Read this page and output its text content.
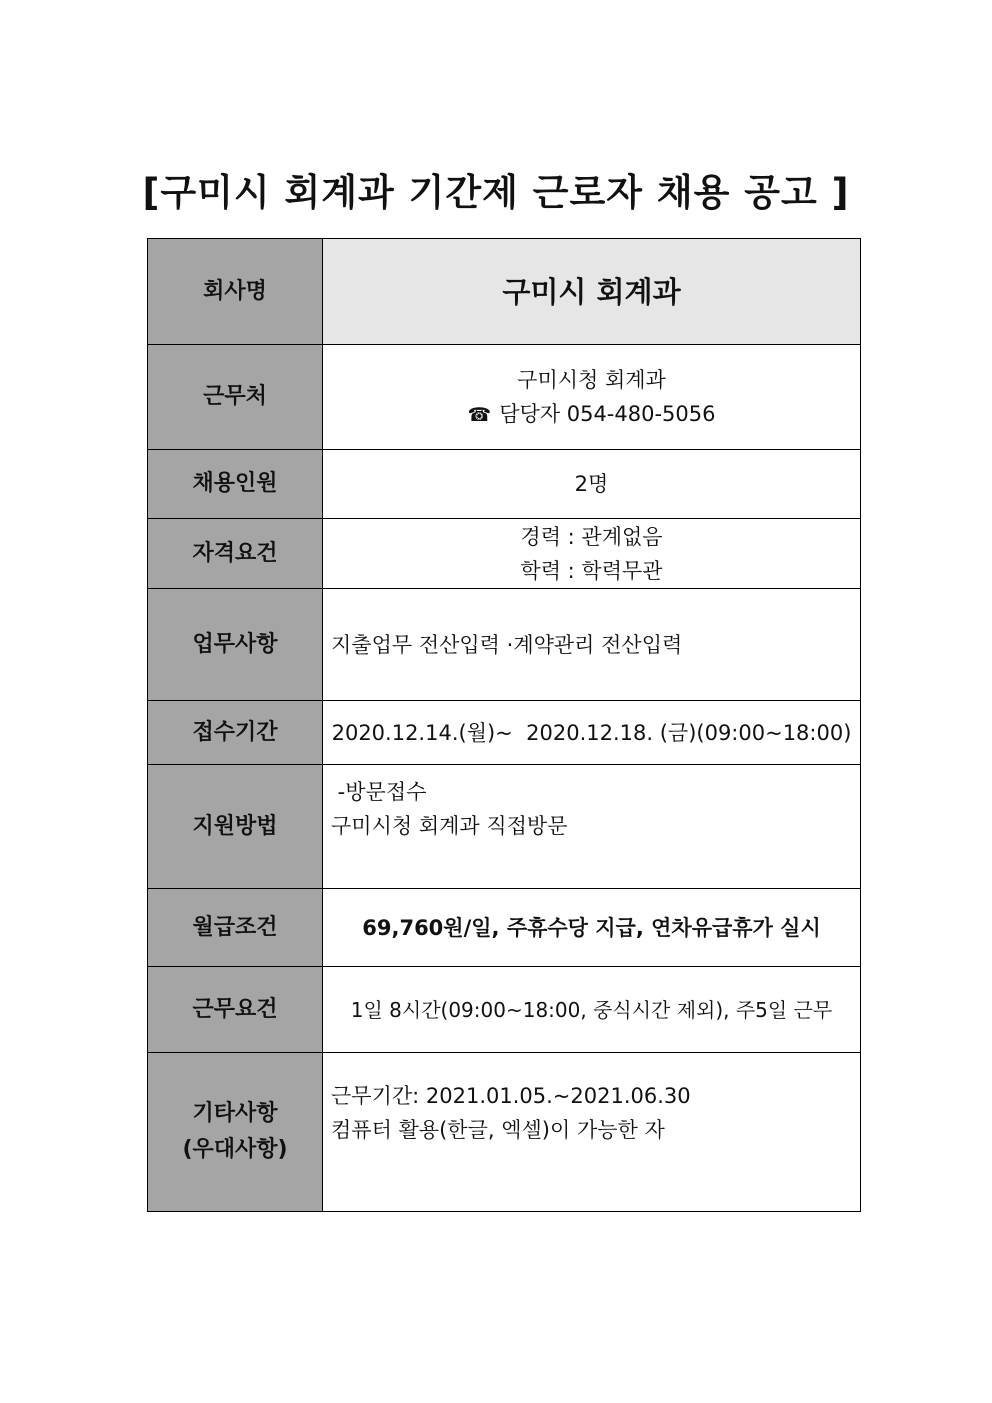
[구미시 회계과 기간제 근로자 채용 공고 ]
회사명	구미시 회계과
근무처	구미시청 회계과
☎ 담당자 054-480-5056

채용인원	2명
자격요건	경력 : 관계없음
학력 : 학력무관

업무사항	지출업무 전산입력 ·계약관리 전산입력
접수기간	2020.12.14.(월)~  2020.12.18. (금)(09:00~18:00)
지원방법	-방문접수
구미시청 회계과 직접방문

월급조건	69,760원/일, 주휴수당 지급, 연차유급휴가 실시
근무요건	1일 8시간(09:00~18:00, 중식시간 제외), 주5일 근무

기타사항
(우대사항)	근무기간: 2021.01.05.~2021.06.30
컴퓨터 활용(한글, 엑셀)이 가능한 자
